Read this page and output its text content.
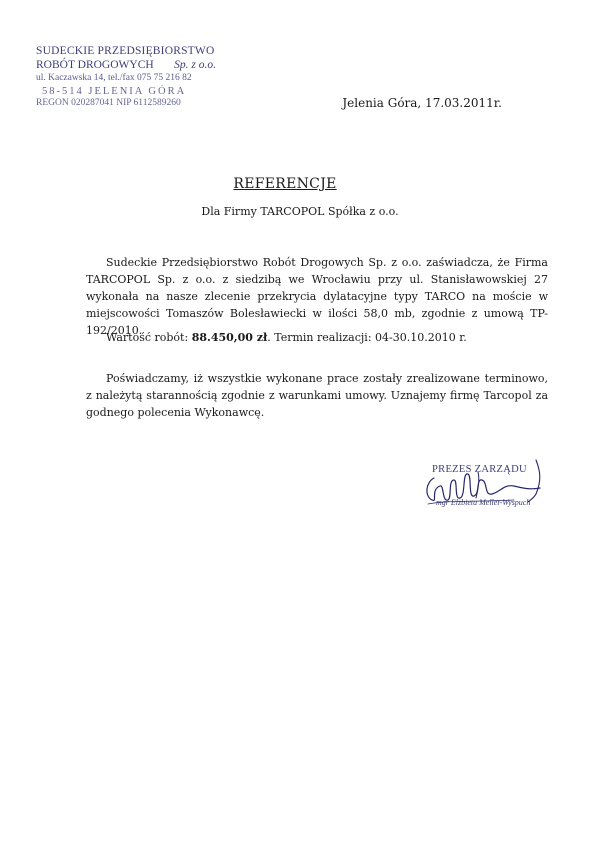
SUDECKIE PRZEDSIĘBIORSTWO
ROBÓT DROGOWYCH Sp. z o.o.
ul. Kaczawska 14, tel./fax 075 75 216 82
58-514 JELENIA GÓRA
REGON 020287041 NIP 6112589260	Jelenia Góra, 17.03.2011r.
REFERENCJE
Dla Firmy TARCOPOL Spółka z o.o.
Sudeckie Przedsiębiorstwo Robót Drogowych Sp. z o.o. zaświadcza, że Firma TARCOPOL Sp. z o.o. z siedzibą we Wrocławiu przy ul. Stanisławowskiej 27 wykonała na nasze zlecenie przekrycia dylatacyjne typy TARCO na moście w miejscowości Tomaszów Bolesławiecki w ilości 58,0 mb, zgodnie z umową TP-192/2010.
Wartość robót: 88.450,00 zł. Termin realizacji: 04-30.10.2010 r.
Poświadczamy, iż wszystkie wykonane prace zostały zrealizowane terminowo, z należytą starannością zgodnie z warunkami umowy. Uznajemy firmę Tarcopol za godnego polecenia Wykonawcę.
PREZES ZARZĄDU
mgr Elżbieta Mellet-Wyspuch
